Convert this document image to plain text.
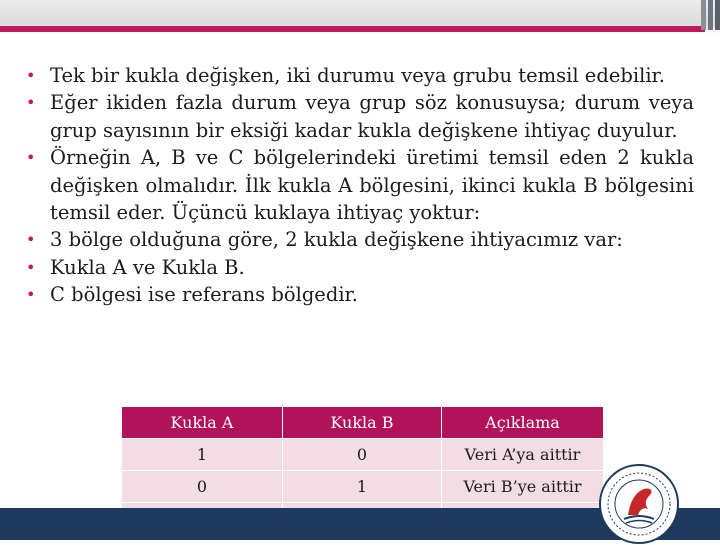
• Tek bir kukla değişken, iki durumu veya grubu temsil edebilir.
• Eğer ikiden fazla durum veya grup söz konusuysa; durum veya grup sayısının bir eksiği kadar kukla değişkene ihtiyaç duyulur.
• Örneğin A, B ve C bölgelerindeki üretimi temsil eden 2 kukla değişken olmalıdır. İlk kukla A bölgesini, ikinci kukla B bölgesini temsil eder. Üçüncü kuklaya ihtiyaç yoktur:
• 3 bölge olduğuna göre, 2 kukla değişkene ihtiyacımız var:
• Kukla A ve Kukla B.
• C bölgesi ise referans bölgedir.
Kukla A	Kukla B	Açıklama
1	0	Veri A’ya aittir
0	1	Veri B’ye aittir
